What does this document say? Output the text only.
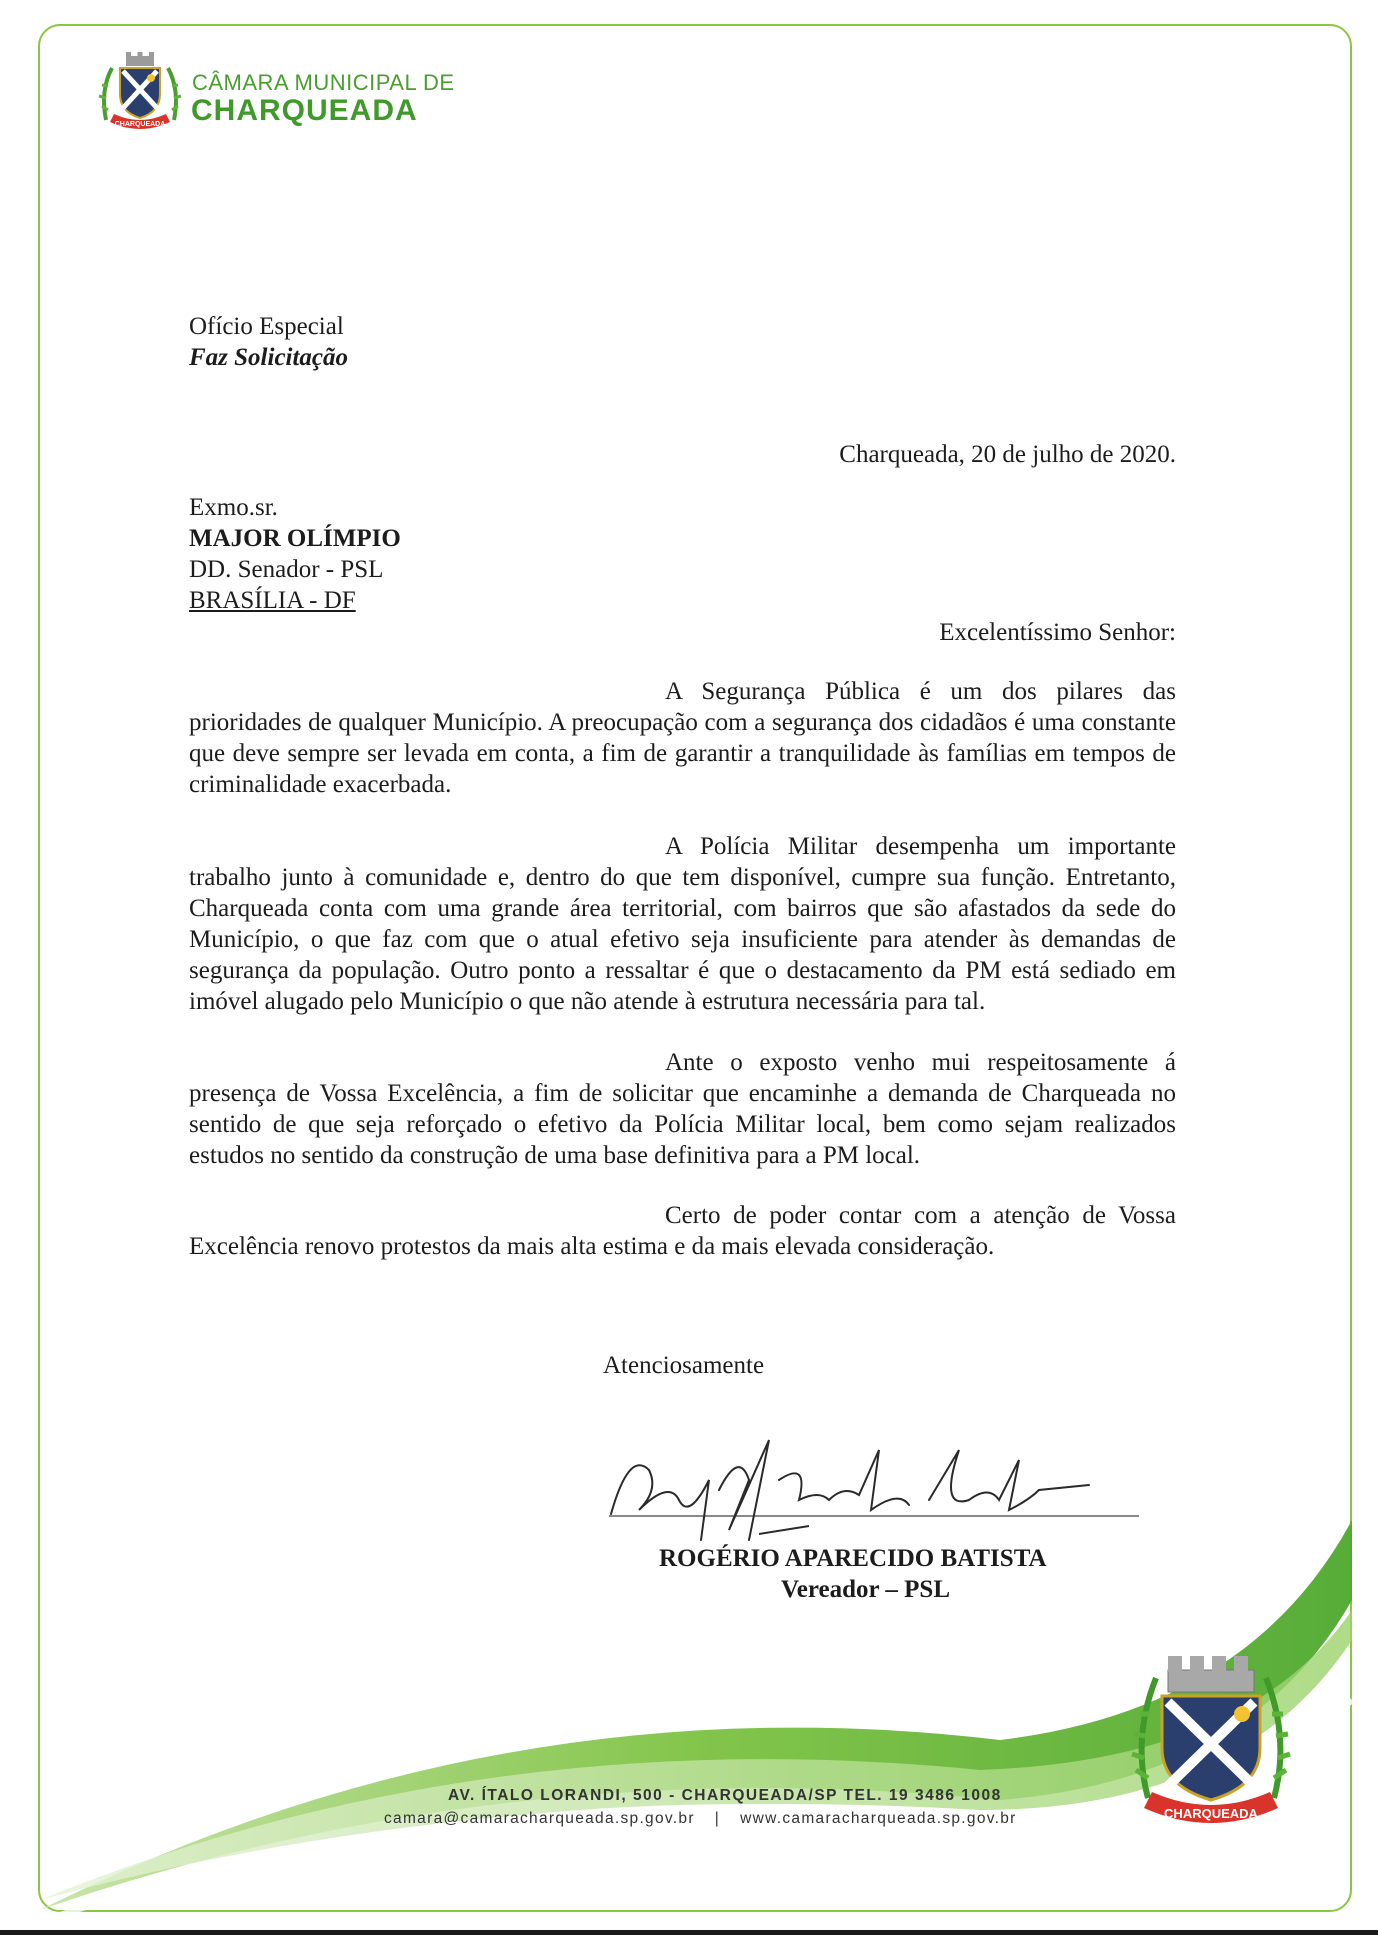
CHARQUEADA
CÂMARA MUNICIPAL DE
CHARQUEADA
Ofício Especial
Faz Solicitação
Charqueada, 20 de julho de 2020.
Exmo.sr.
MAJOR OLÍMPIO
DD. Senador - PSL
BRASÍLIA - DF
Excelentíssimo Senhor:
A Segurança Pública é um dos pilares das prioridades de qualquer Município. A preocupação com a segurança dos cidadãos é uma constante que deve sempre ser levada em conta, a fim de garantir a tranquilidade às famílias em tempos de criminalidade exacerbada.
A Polícia Militar desempenha um importante trabalho junto à comunidade e, dentro do que tem disponível, cumpre sua função. Entretanto, Charqueada conta com uma grande área territorial, com bairros que são afastados da sede do Município, o que faz com que o atual efetivo seja insuficiente para atender às demandas de segurança da população. Outro ponto a ressaltar é que o destacamento da PM está sediado em imóvel alugado pelo Município o que não atende à estrutura necessária para tal.
Ante o exposto venho mui respeitosamente á presença de Vossa Excelência, a fim de solicitar que encaminhe a demanda de Charqueada no sentido de que seja reforçado o efetivo da Polícia Militar local, bem como sejam realizados estudos no sentido da construção de uma base definitiva para a PM local.
Certo de poder contar com a atenção de Vossa Excelência renovo protestos da mais alta estima e da mais elevada consideração.
Atenciosamente
ROGÉRIO APARECIDO BATISTA
Vereador – PSL
AV. ÍTALO LORANDI, 500 - CHARQUEADA/SP TEL. 19 3486 1008
camara@camaracharqueada.sp.gov.br | www.camaracharqueada.sp.gov.br	CHARQUEADA
